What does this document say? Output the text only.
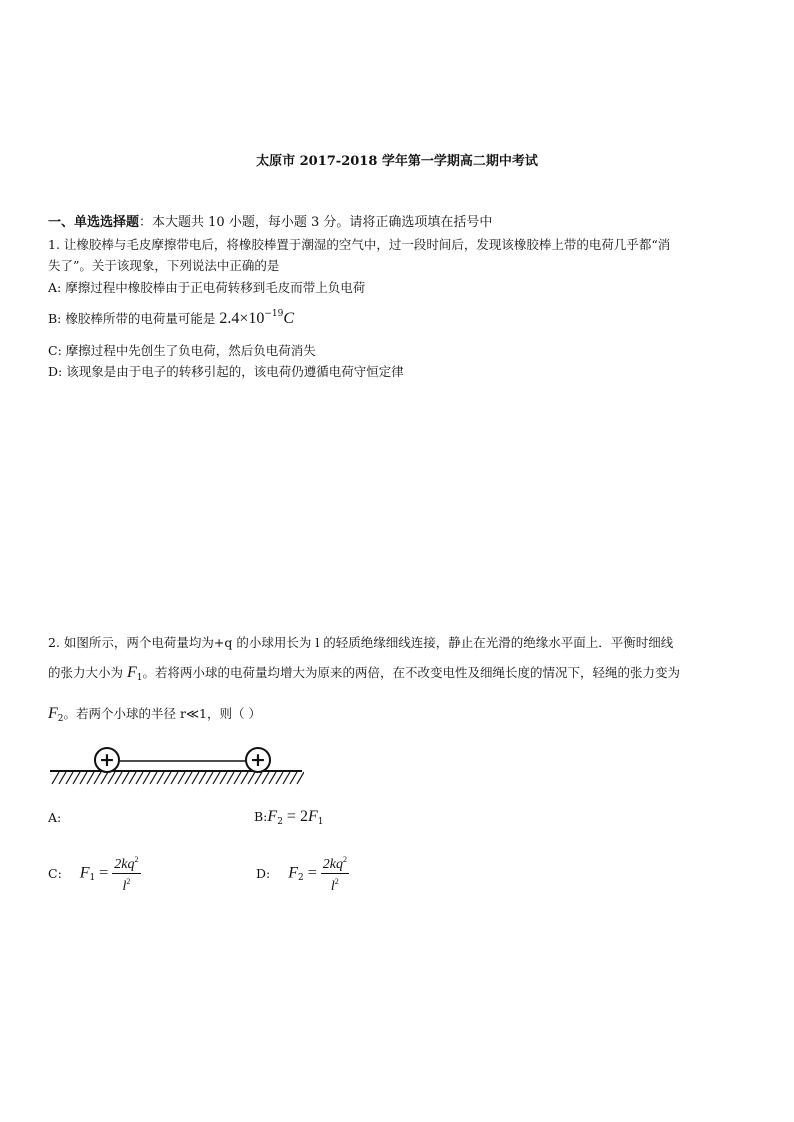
太原市 2017-2018 学年第一学期高二期中考试
一、单选选择题：本大题共 10 小题，每小题 3 分。请将正确选项填在括号中
1. 让橡胶棒与毛皮摩擦带电后，将橡胶棒置于潮湿的空气中，过一段时间后，发现该橡胶棒上带的电荷几乎都“消
失了”。关于该现象，下列说法中正确的是
A: 摩擦过程中橡胶棒由于正电荷转移到毛皮而带上负电荷
B: 橡胶棒所带的电荷量可能是 $2.4\times 10^{-19}C$
C: 摩擦过程中先创生了负电荷，然后负电荷消失
D: 该现象是由于电子的转移引起的，该电荷仍遵循电荷守恒定律
2. 如图所示，两个电荷量均为+q 的小球用长为 l 的轻质绝缘细线连接，静止在光滑的绝缘水平面上．平衡时细线
的张力大小为 $F_1$。若将两小球的电荷量均增大为原来的两倍，在不改变电性及细绳长度的情况下，轻绳的张力变为
$F_2$。若两个小球的半径 r≪1，则（ ）
+	+
A:	$B:F_2 = 2F_1$
C: $F_1 = \frac{2kq^2}{l^2}$	D: $F_2 = \frac{2kq^2}{l^2}$
